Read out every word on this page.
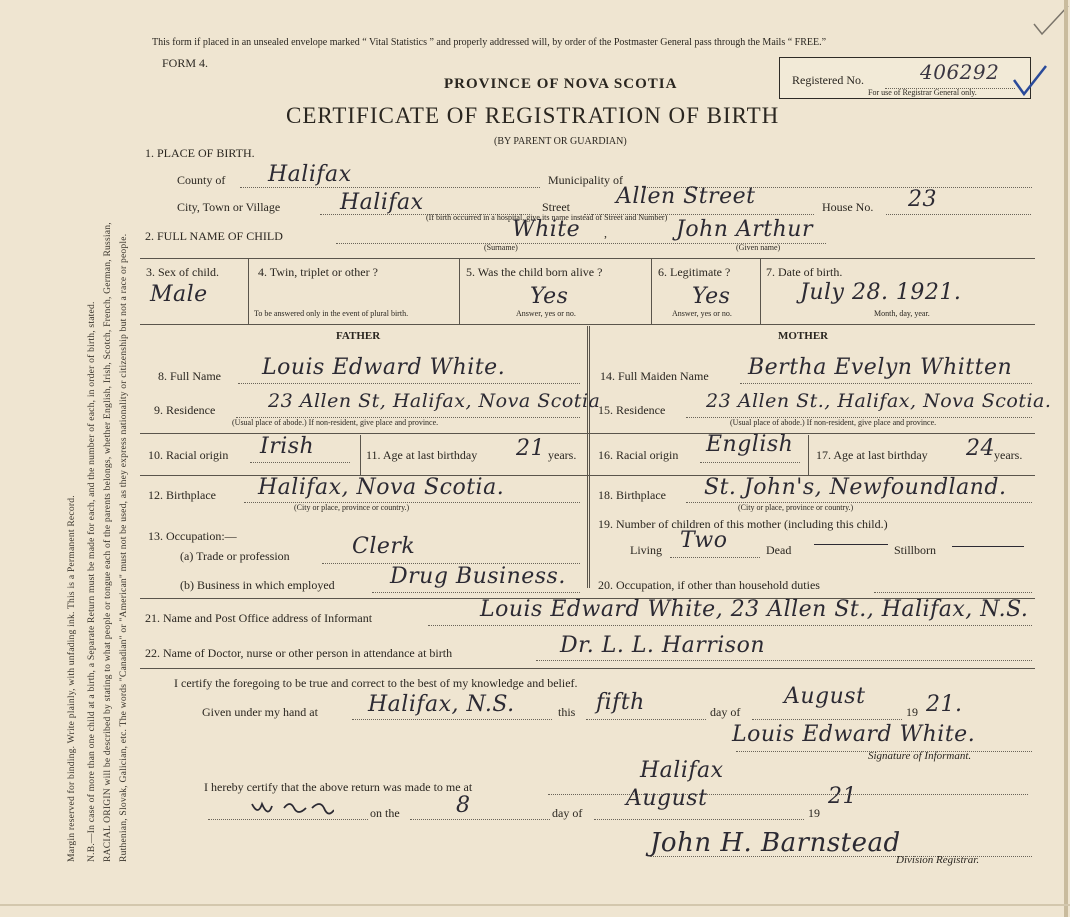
Margin reserved for binding. Write plainly, with unfading ink. This is a Permanent Record. N.B.—In case of more than one child at a birth, a Separate Return must be made for each, and the number of each, in order of birth, stated. RACIAL ORIGIN will be described by stating to what people or tongue each of the parents belongs, whether English, Irish, Scotch, French, German, Russian, Ruthenian, Slovak, Galician, etc. The words "Canadian" or "American" must not be used, as they express nationality or citizenship but not a race or people.
This form if placed in an unsealed envelope marked “ Vital Statistics ” and properly addressed will, by order of the Postmaster General pass through the Mails “ FREE.”
FORM 4.
PROVINCE OF NOVA SCOTIA
CERTIFICATE OF REGISTRATION OF BIRTH
(BY PARENT OR GUARDIAN)
Registered No.	406292
For use of Registrar General only.
1. PLACE OF BIRTH.
County of Halifax	Municipality of
City, Town or Village	Halifax	Street Allen Street	House No. 23
(If birth occurred in a hospital, give its name instead of Street and Number)
2. FULL NAME OF CHILD	White ,	John Arthur
(Surname)	(Given name)
3. Sex of child.
Male
4. Twin, triplet or other ?
To be answered only in the event of plural birth.
5. Was the child born alive ?
Yes
Answer, yes or no.
6. Legitimate ?
Yes
Answer, yes or no.
7. Date of birth.
July 28. 1921.
Month, day, year.
FATHER	MOTHER
8. Full Name Louis Edward White.	14. Full Maiden Name Bertha Evelyn Whitten
9. Residence	23 Allen St, Halifax, Nova Scotia
(Usual place of abode.) If non-resident, give place and province.
15. Residence 23 Allen St., Halifax, Nova Scotia.
(Usual place of abode.) If non-resident, give place and province.
10. Racial origin Irish	11. Age at last birthday 21 years. 16. Racial origin English 17. Age at last birthday 24 years.
12. Birthplace Halifax, Nova Scotia.
(City or place, province or country.)
18. Birthplace St. John's, Newfoundland.
(City or place, province or country.)
13. Occupation:—
(a) Trade or profession	Clerk
(b) Business in which employed	Drug Business.
19. Number of children of this mother (including this child.)
Living Two	Dead	Stillborn
20. Occupation, if other than household duties
21. Name and Post Office address of Informant	Louis Edward White, 23 Allen St., Halifax, N.S.
22. Name of Doctor, nurse or other person in attendance at birth	Dr. L. L. Harrison
I certify the foregoing to be true and correct to the best of my knowledge and belief.
Given under my hand at Halifax, N.S.	this fifth	day of
August
19 21.
Louis Edward White.
Signature of Informant.
I hereby certify that the above return was made to me at
Halifax
on the	8	day of
August
19
21
John H. Barnstead
Division Registrar.
